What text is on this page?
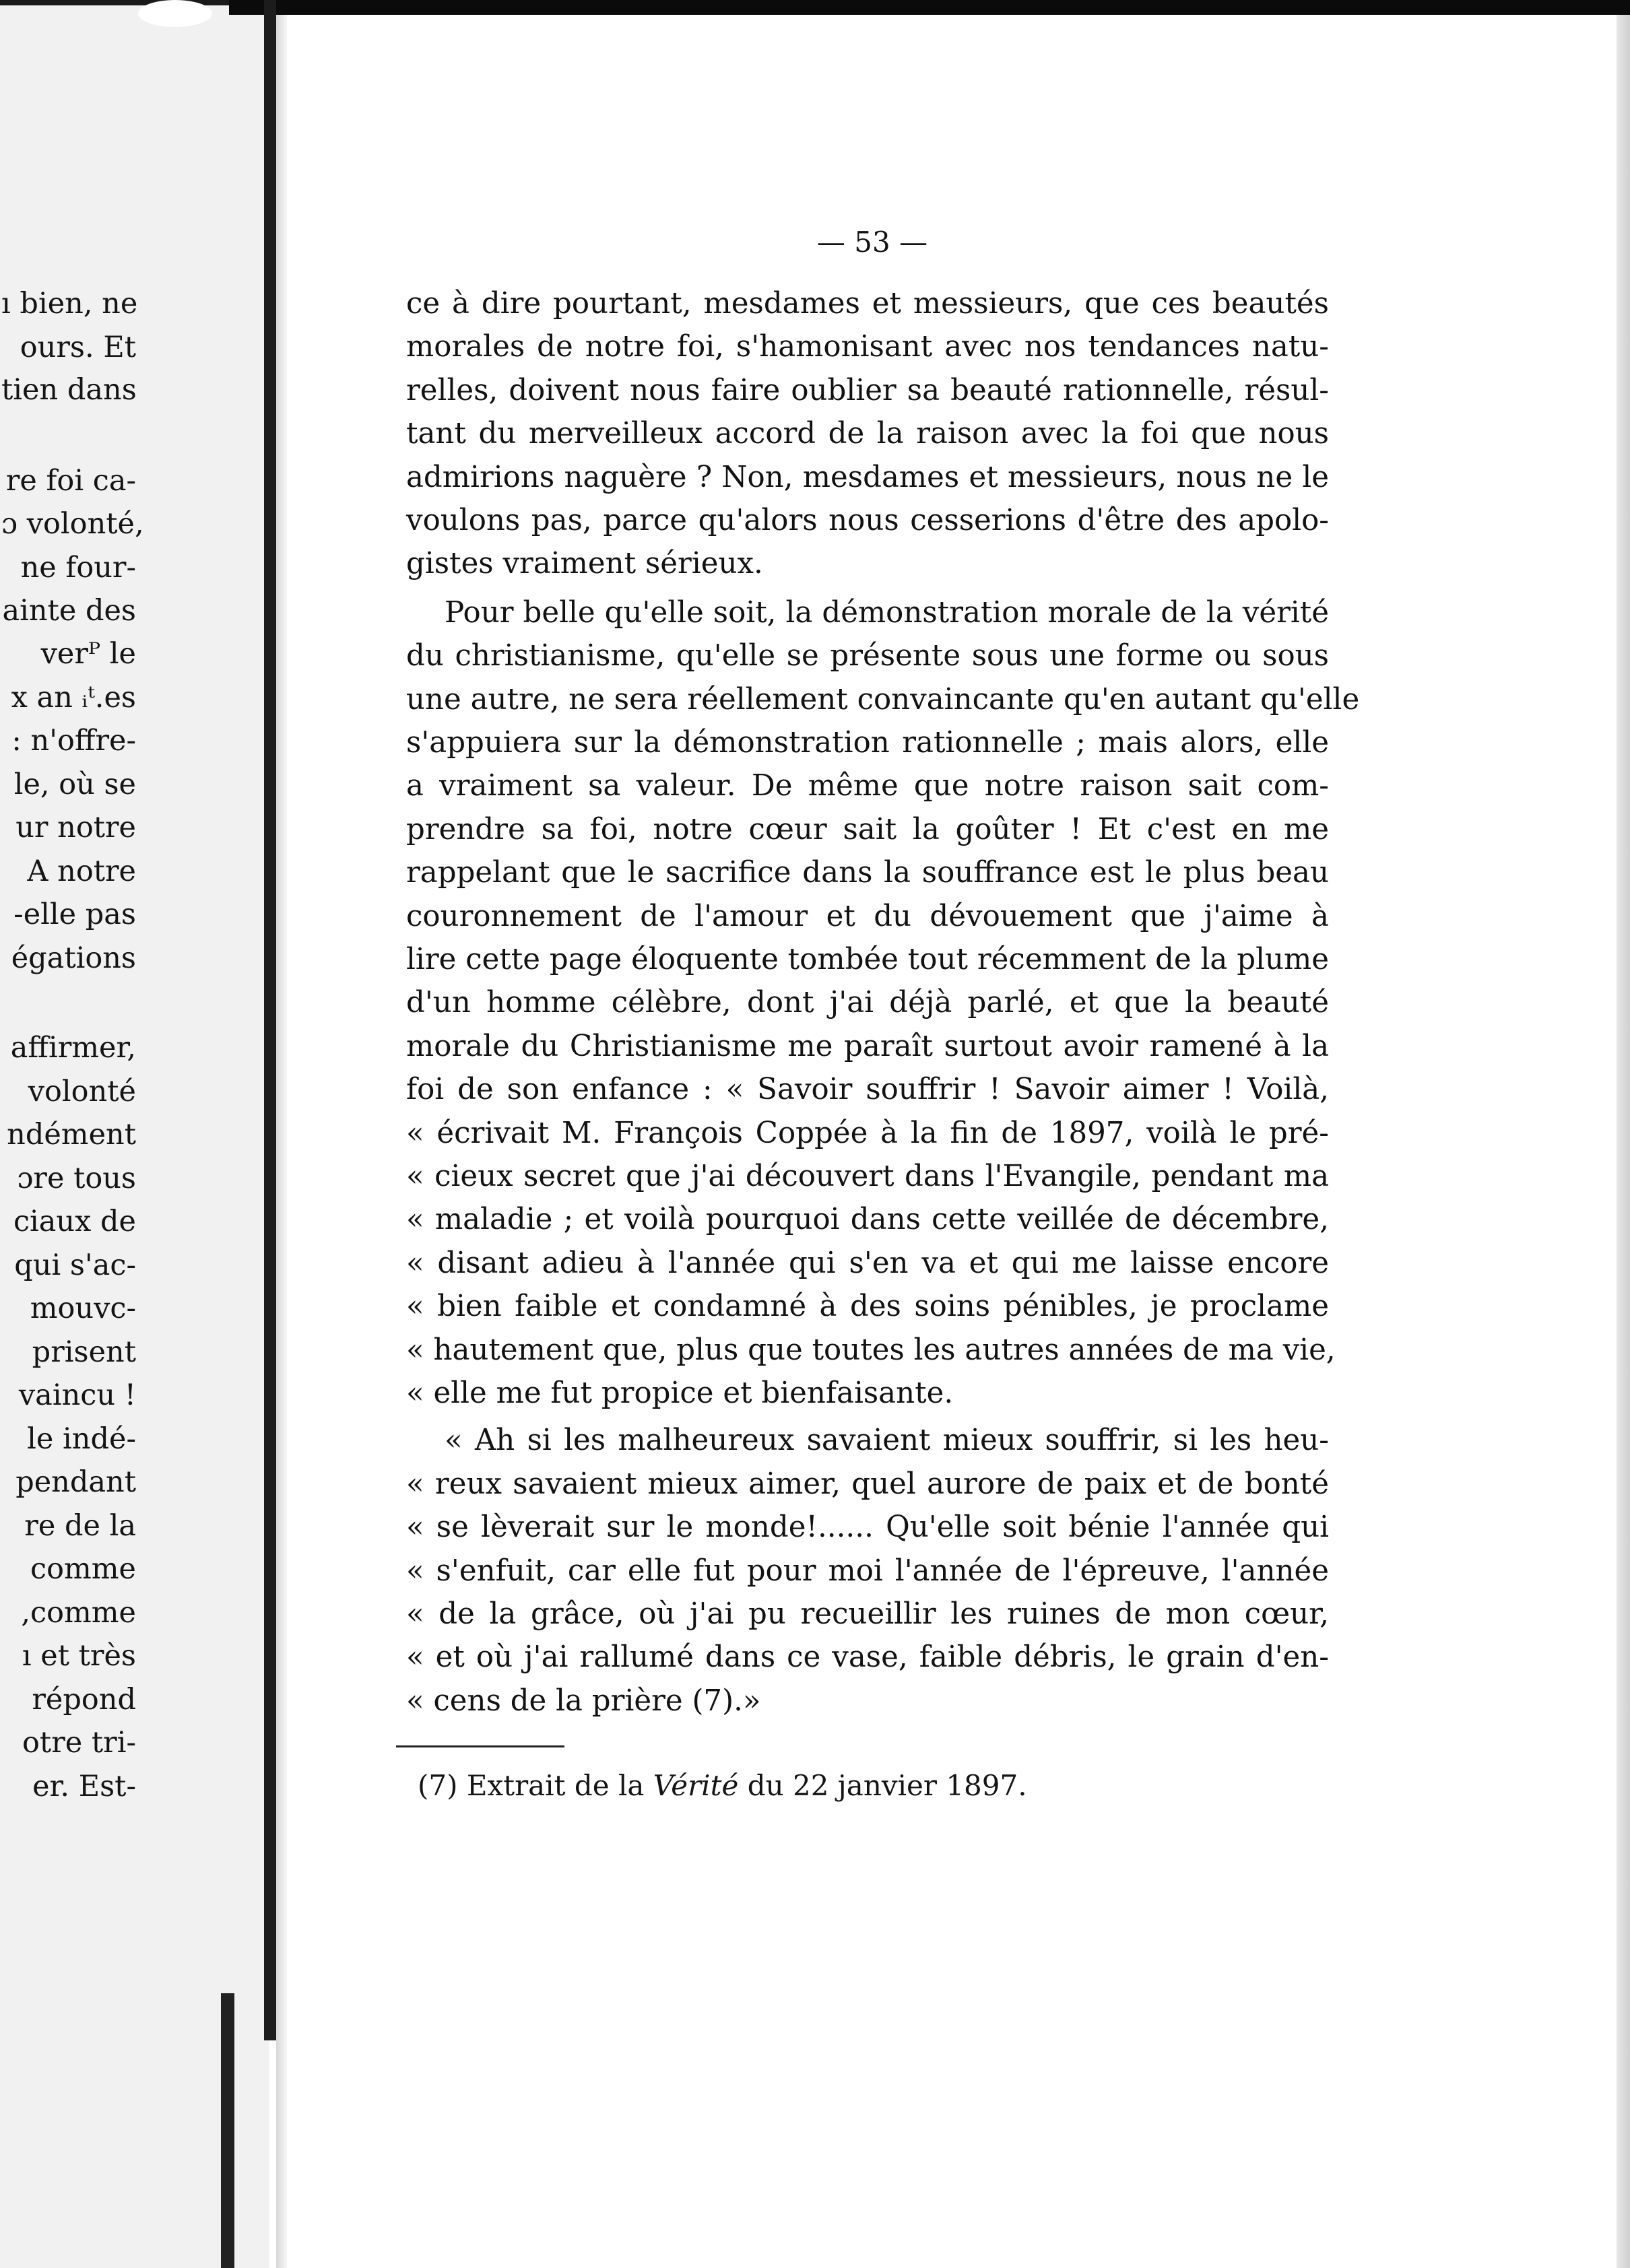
ı bien, ne
ours. Et
tien dans
re foi ca-
ɔ volonté,
ne four-
ainte des
verᴾ le
x an ᵢᵗ.es
: n'offre-
le, où se
ur notre
A notre
-elle pas
égations
affirmer,
volonté
ndément
ɔre tous
ciaux de
qui s'ac-
mouvc-
prisent
vaincu !
le indé-
pendant
re de la
comme
,comme
ı et très
répond
otre tri-
er. Est-
— 53 —
ce à dire pourtant, mesdames et messieurs, que ces beautés
morales de notre foi, s'hamonisant avec nos tendances natu-
relles, doivent nous faire oublier sa beauté rationnelle, résul-
tant du merveilleux accord de la raison avec la foi que nous
admirions naguère ? Non, mesdames et messieurs, nous ne le
voulons pas, parce qu'alors nous cesserions d'être des apolo-
gistes vraiment sérieux.
Pour belle qu'elle soit, la démonstration morale de la vérité
du christianisme, qu'elle se présente sous une forme ou sous
une autre, ne sera réellement convaincante qu'en autant qu'elle
s'appuiera sur la démonstration rationnelle ; mais alors, elle
a vraiment sa valeur. De même que notre raison sait com-
prendre sa foi, notre cœur sait la goûter ! Et c'est en me
rappelant que le sacrifice dans la souffrance est le plus beau
couronnement de l'amour et du dévouement que j'aime à
lire cette page éloquente tombée tout récemment de la plume
d'un homme célèbre, dont j'ai déjà parlé, et que la beauté
morale du Christianisme me paraît surtout avoir ramené à la
foi de son enfance : « Savoir souffrir ! Savoir aimer ! Voilà,
« écrivait M. François Coppée à la fin de 1897, voilà le pré-
« cieux secret que j'ai découvert dans l'Evangile, pendant ma
« maladie ; et voilà pourquoi dans cette veillée de décembre,
« disant adieu à l'année qui s'en va et qui me laisse encore
« bien faible et condamné à des soins pénibles, je proclame
« hautement que, plus que toutes les autres années de ma vie,
« elle me fut propice et bienfaisante.
« Ah si les malheureux savaient mieux souffrir, si les heu-
« reux savaient mieux aimer, quel aurore de paix et de bonté
« se lèverait sur le monde!...... Qu'elle soit bénie l'année qui
« s'enfuit, car elle fut pour moi l'année de l'épreuve, l'année
« de la grâce, où j'ai pu recueillir les ruines de mon cœur,
« et où j'ai rallumé dans ce vase, faible débris, le grain d'en-
« cens de la prière (7).»
(7) Extrait de la Vérité du 22 janvier 1897.
